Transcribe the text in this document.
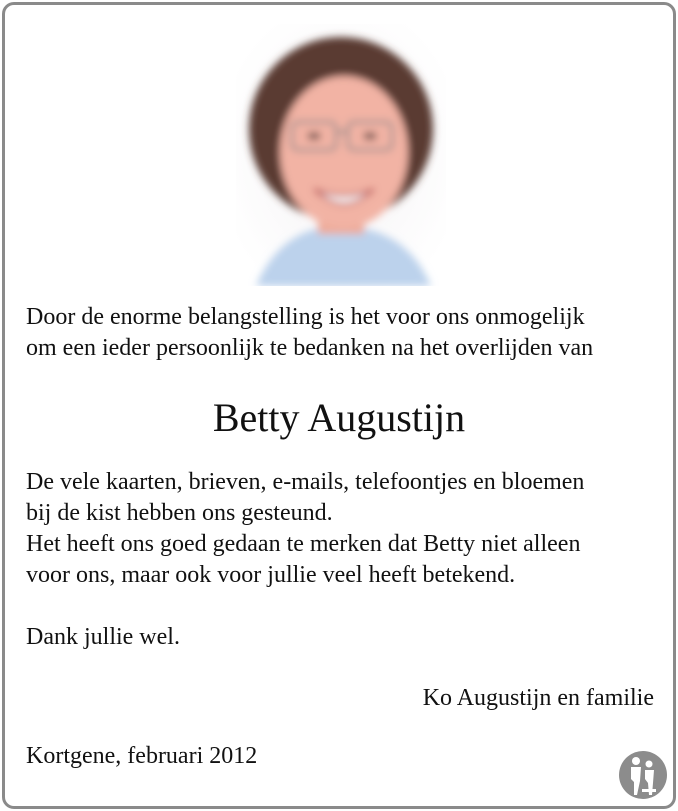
Door de enorme belangstelling is het voor ons onmogelijk
om een ieder persoonlijk te bedanken na het overlijden van
Betty Augustijn
De vele kaarten, brieven, e-mails, telefoontjes en bloemen
bij de kist hebben ons gesteund.
Het heeft ons goed gedaan te merken dat Betty niet alleen
voor ons, maar ook voor jullie veel heeft betekend.
Dank jullie wel.
Ko Augustijn en familie
Kortgene, februari 2012
